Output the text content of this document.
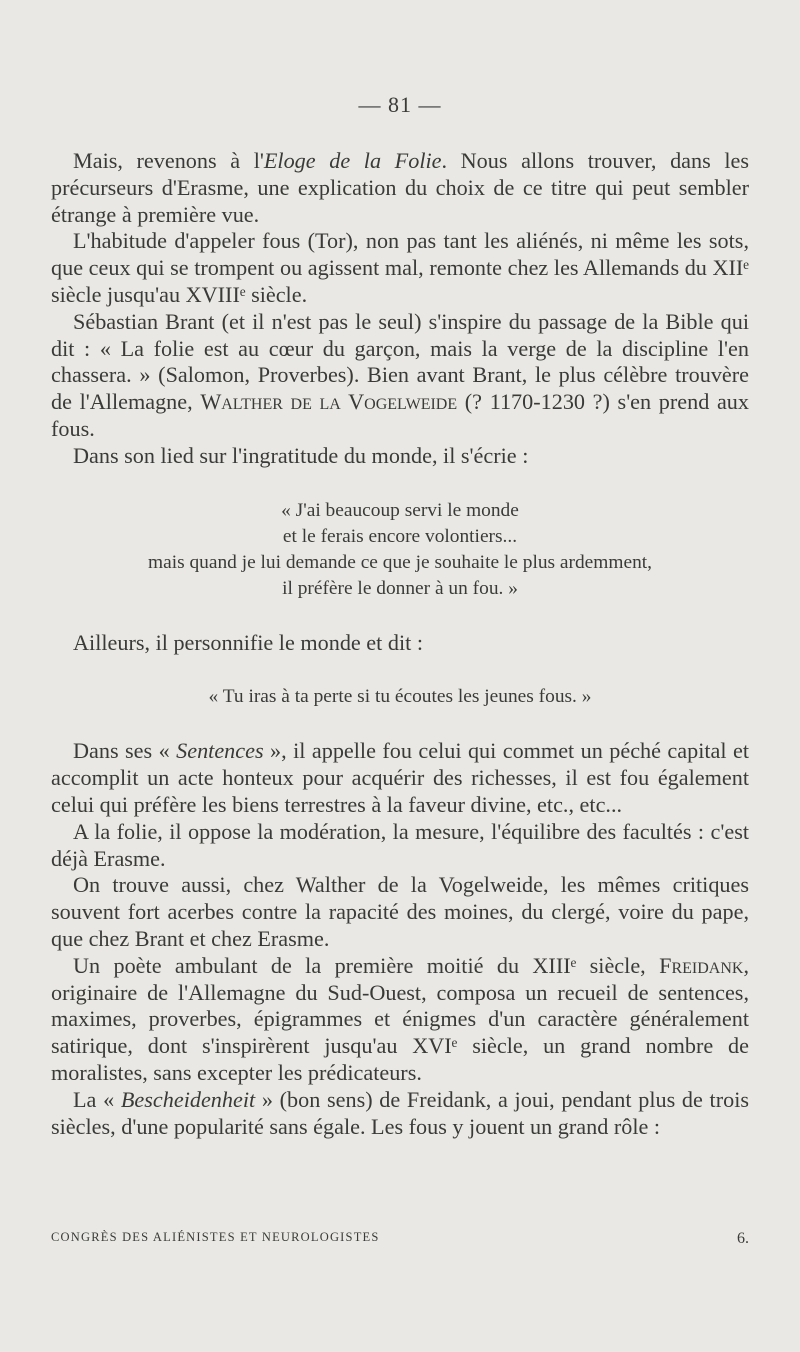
— 81 —

Mais, revenons à l'Eloge de la Folie. Nous allons trouver, dans les précurseurs d'Erasme, une explication du choix de ce titre qui peut sembler étrange à première vue.

L'habitude d'appeler fous (Tor), non pas tant les aliénés, ni même les sots, que ceux qui se trompent ou agissent mal, remonte chez les Allemands du XIIᵉ siècle jusqu'au XVIIIᵉ siècle.

Sébastian Brant (et il n'est pas le seul) s'inspire du passage de la Bible qui dit : « La folie est au cœur du garçon, mais la verge de la discipline l'en chassera. » (Salomon, Proverbes). Bien avant Brant, le plus célèbre trouvère de l'Allemagne, Walther de la Vogelweide (? 1170-1230 ?) s'en prend aux fous.

Dans son lied sur l'ingratitude du monde, il s'écrie :

« J'ai beaucoup servi le monde
et le ferais encore volontiers...
mais quand je lui demande ce que je souhaite le plus ardemment,
il préfère le donner à un fou. »

Ailleurs, il personnifie le monde et dit :

« Tu iras à ta perte si tu écoutes les jeunes fous. »

Dans ses « Sentences », il appelle fou celui qui commet un péché capital et accomplit un acte honteux pour acquérir des richesses, il est fou également celui qui préfère les biens terrestres à la faveur divine, etc., etc...

A la folie, il oppose la modération, la mesure, l'équilibre des facultés : c'est déjà Erasme.

On trouve aussi, chez Walther de la Vogelweide, les mêmes critiques souvent fort acerbes contre la rapacité des moines, du clergé, voire du pape, que chez Brant et chez Erasme.

Un poète ambulant de la première moitié du XIIIᵉ siècle, Freidank, originaire de l'Allemagne du Sud-Ouest, composa un recueil de sentences, maximes, proverbes, épigrammes et énigmes d'un caractère généralement satirique, dont s'inspirèrent jusqu'au XVIᵉ siècle, un grand nombre de moralistes, sans excepter les prédicateurs.

La « Bescheidenheit » (bon sens) de Freidank, a joui, pendant plus de trois siècles, d'une popularité sans égale. Les fous y jouent un grand rôle :

CONGRÈS DES ALIÉNISTES ET NEUROLOGISTES	6.
